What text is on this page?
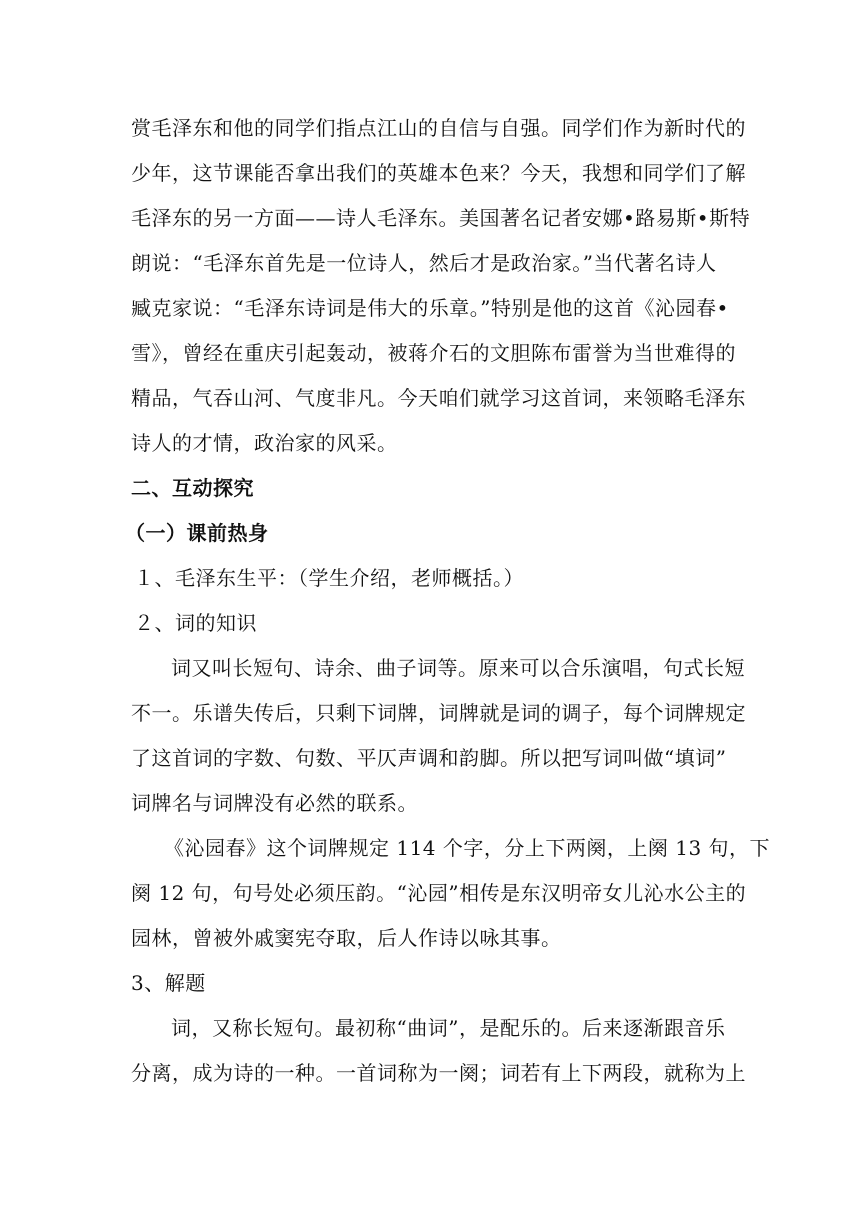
赏毛泽东和他的同学们指点江山的自信与自强。同学们作为新时代的
少年，这节课能否拿出我们的英雄本色来？今天，我想和同学们了解
毛泽东的另一方面——诗人毛泽东。美国著名记者安娜•路易斯•斯特
朗说：“毛泽东首先是一位诗人，然后才是政治家。”当代著名诗人
臧克家说：“毛泽东诗词是伟大的乐章。”特别是他的这首《沁园春•
雪》，曾经在重庆引起轰动，被蒋介石的文胆陈布雷誉为当世难得的
精品，气吞山河、气度非凡。今天咱们就学习这首词，来领略毛泽东
诗人的才情，政治家的风采。
二、互动探究
（一）课前热身
１、毛泽东生平：（学生介绍，老师概括。）
２、词的知识
词又叫长短句、诗余、曲子词等。原来可以合乐演唱，句式长短
不一。乐谱失传后，只剩下词牌，词牌就是词的调子，每个词牌规定
了这首词的字数、句数、平仄声调和韵脚。所以把写词叫做“填词”
词牌名与词牌没有必然的联系。
《沁园春》这个词牌规定 114 个字，分上下两阕，上阕 13 句，下
阕 12 句，句号处必须压韵。“沁园”相传是东汉明帝女儿沁水公主的
园林，曾被外戚窦宪夺取，后人作诗以咏其事。
3、解题
词，又称长短句。最初称“曲词”，是配乐的。后来逐渐跟音乐
分离，成为诗的一种。一首词称为一阕；词若有上下两段，就称为上
